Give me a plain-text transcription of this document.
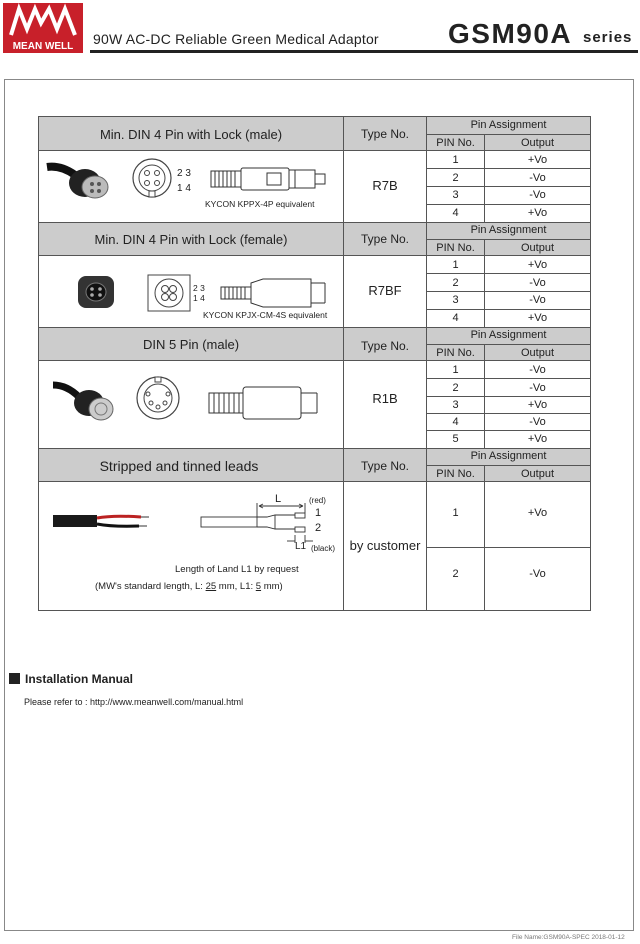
MEAN WELL 90W AC-DC Reliable Green Medical Adaptor GSM90A series
Min. DIN 4 Pin with Lock (male)	Type No.
Pin Assignment
PIN No.	Output
R7B
1	+Vo
2	-Vo
3	-Vo
4	+Vo
2 3
1 4
KYCON KPPX-4P equivalent
Min. DIN 4 Pin with Lock (female)	Type No.
Pin Assignment
PIN No.	Output
R7BF
1	+Vo
2	-Vo
3	-Vo
4	+Vo
2 3
1 4
KYCON KPJX-CM-4S equivalent
DIN 5 Pin (male)	Type No.
Pin Assignment
PIN No.	Output
R1B
1	-Vo
2	-Vo
3	+Vo
4	-Vo
5	+Vo
Stripped and tinned leads	Type No.
Pin Assignment
PIN No.	Output
by customer
1	+Vo
2	-Vo
L	(red)
1
2
L1 (black)
Length of Land L1 by request
(MW's standard length, L: 25 mm, L1: 5 mm)
Installation Manual
Please refer to : http://www.meanwell.com/manual.html
File Name:GSM90A-SPEC 2018-01-12
